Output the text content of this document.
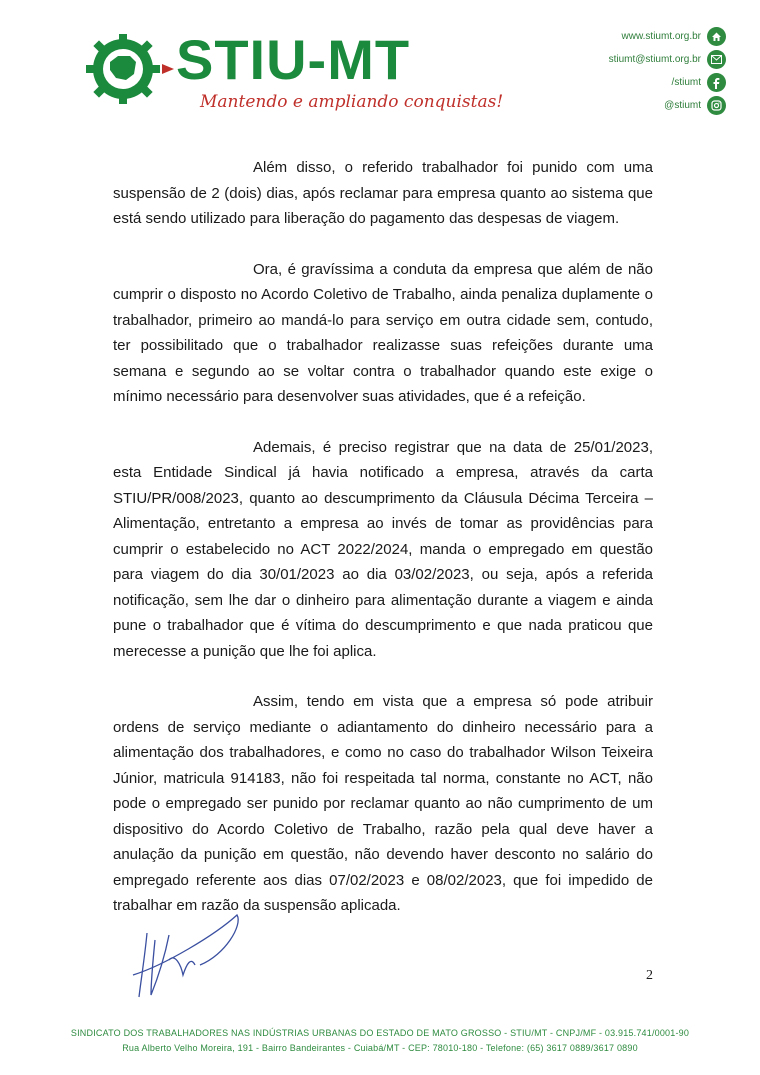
STIU-MT
Mantendo e ampliando conquistas!
www.stiumt.org.br
stiumt@stiumt.org.br
/stiumt
@stiumt

Além disso, o referido trabalhador foi punido com uma suspensão de 2 (dois) dias, após reclamar para empresa quanto ao sistema que está sendo utilizado para liberação do pagamento das despesas de viagem.

Ora, é gravíssima a conduta da empresa que além de não cumprir o disposto no Acordo Coletivo de Trabalho, ainda penaliza duplamente o trabalhador, primeiro ao mandá-lo para serviço em outra cidade sem, contudo, ter possibilitado que o trabalhador realizasse suas refeições durante uma semana e segundo ao se voltar contra o trabalhador quando este exige o mínimo necessário para desenvolver suas atividades, que é a refeição.

Ademais, é preciso registrar que na data de 25/01/2023, esta Entidade Sindical já havia notificado a empresa, através da carta STIU/PR/008/2023, quanto ao descumprimento da Cláusula Décima Terceira – Alimentação, entretanto a empresa ao invés de tomar as providências para cumprir o estabelecido no ACT 2022/2024, manda o empregado em questão para viagem do dia 30/01/2023 ao dia 03/02/2023, ou seja, após a referida notificação, sem lhe dar o dinheiro para alimentação durante a viagem e ainda pune o trabalhador que é vítima do descumprimento e que nada praticou que merecesse a punição que lhe foi aplica.

Assim, tendo em vista que a empresa só pode atribuir ordens de serviço mediante o adiantamento do dinheiro necessário para a alimentação dos trabalhadores, e como no caso do trabalhador Wilson Teixeira Júnior, matricula 914183, não foi respeitada tal norma, constante no ACT, não pode o empregado ser punido por reclamar quanto ao não cumprimento de um dispositivo do Acordo Coletivo de Trabalho, razão pela qual deve haver a anulação da punição em questão, não devendo haver desconto no salário do empregado referente aos dias 07/02/2023 e 08/02/2023, que foi impedido de trabalhar em razão da suspensão aplicada.

2
SINDICATO DOS TRABALHADORES NAS INDÚSTRIAS URBANAS DO ESTADO DE MATO GROSSO - STIU/MT - CNPJ/MF - 03.915.741/0001-90
Rua Alberto Velho Moreira, 191 - Bairro Bandeirantes - Cuiabá/MT - CEP: 78010-180 - Telefone: (65) 3617 0889/3617 0890
